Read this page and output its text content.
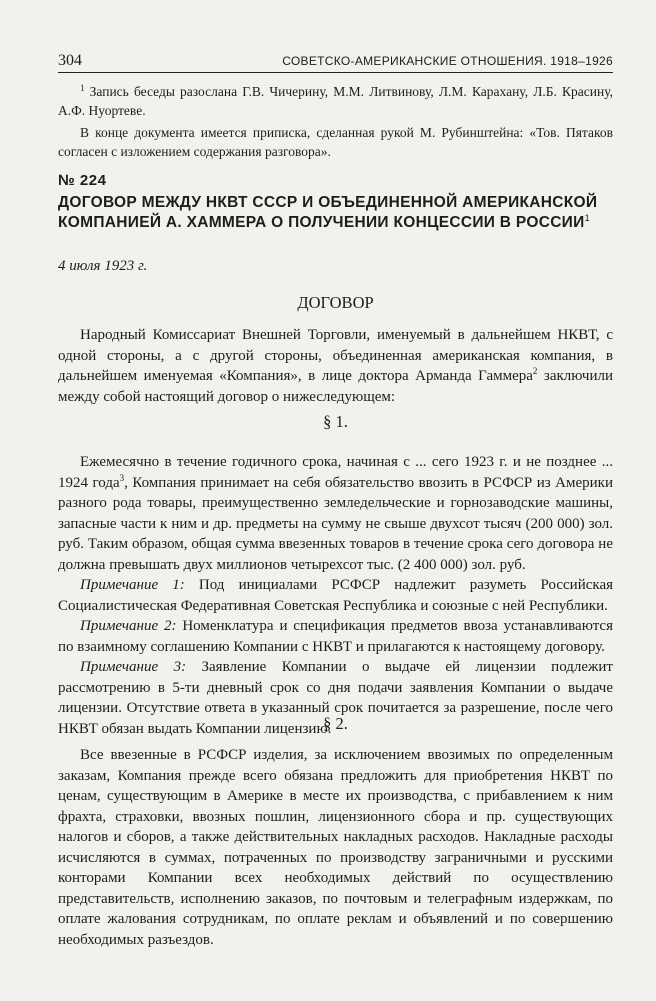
304	СОВЕТСКО-АМЕРИКАНСКИЕ ОТНОШЕНИЯ. 1918–1926

$^1$ Запись беседы разослана Г.В. Чичерину, М.М. Литвинову, Л.М. Карахану, Л.Б. Красину, А.Ф. Нуортеве.

В конце документа имеется приписка, сделанная рукой М. Рубинштейна: «Тов. Пятаков согласен с изложением содержания разговора».

№ 224
ДОГОВОР МЕЖДУ НКВТ СССР И ОБЪЕДИНЕННОЙ АМЕРИКАНСКОЙ КОМПАНИЕЙ А. ХАММЕРА О ПОЛУЧЕНИИ КОНЦЕССИИ В РОССИИ$^1$
4 июля 1923 г.
ДОГОВОР

Народный Комиссариат Внешней Торговли, именуемый в дальнейшем НКВТ, с одной стороны, а с другой стороны, объединенная американская компания, в дальнейшем именуемая «Компания», в лице доктора Арманда Гаммера$^2$ заключили между собой настоящий договор о нижеследующем:

§ 1.

Ежемесячно в течение годичного срока, начиная с ... сего 1923 г. и не позднее ... 1924 года$^3$, Компания принимает на себя обязательство ввозить в РСФСР из Америки разного рода товары, преимущественно земледельческие и горнозаводские машины, запасные части к ним и др. предметы на сумму не свыше двухсот тысяч (200 000) зол. руб. Таким образом, общая сумма ввезенных товаров в течение срока сего договора не должна превышать двух миллионов четырехсот тыс. (2 400 000) зол. руб.

Примечание 1: Под инициалами РСФСР надлежит разуметь Российская Социалистическая Федеративная Советская Республика и союзные с ней Республики.

Примечание 2: Номенклатура и спецификация предметов ввоза устанавливаются по взаимному соглашению Компании с НКВТ и прилагаются к настоящему договору.

Примечание 3: Заявление Компании о выдаче ей лицензии подлежит рассмотрению в 5-ти дневный срок со дня подачи заявления Компании о выдаче лицензии. Отсутствие ответа в указанный срок почитается за разрешение, после чего НКВТ обязан выдать Компании лицензию.

§ 2.

Все ввезенные в РСФСР изделия, за исключением ввозимых по определенным заказам, Компания прежде всего обязана предложить для приобретения НКВТ по ценам, существующим в Америке в месте их производства, с прибавлением к ним фрахта, страховки, ввозных пошлин, лицензионного сбора и пр. существующих налогов и сборов, а также действительных накладных расходов. Накладные расходы исчисляются в суммах, потраченных по производству заграничными и русскими конторами Компании всех необходимых действий по осуществлению представительств, исполнению заказов, по почтовым и телеграфным издержкам, по оплате жалования сотрудникам, по оплате реклам и объявлений и по совершению необходимых разъездов.
